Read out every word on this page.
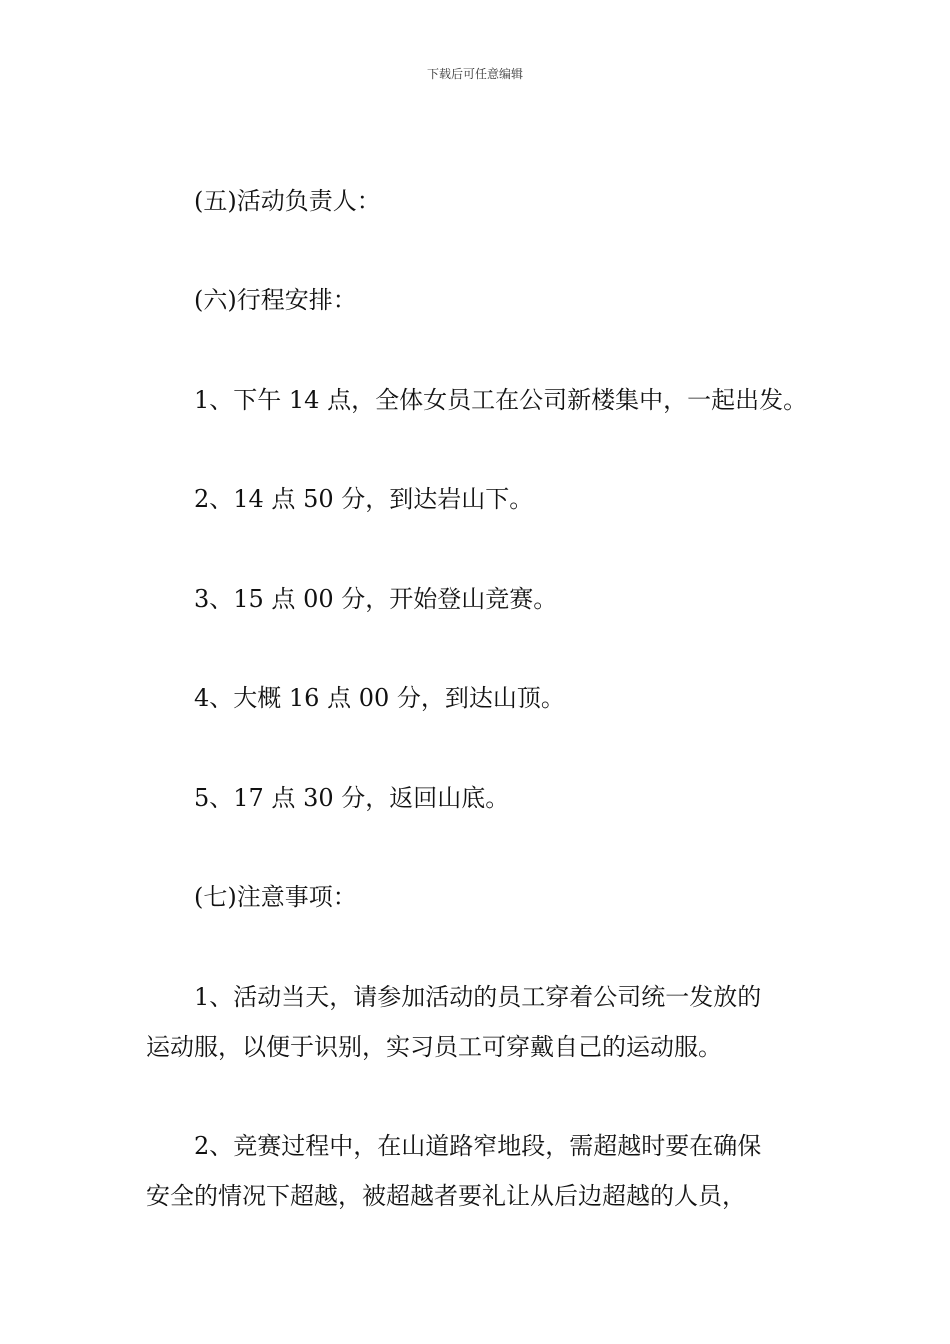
下载后可任意编辑
(五)活动负责人：
(六)行程安排：
1、下午 14 点，全体女员工在公司新楼集中，一起出发。
2、14 点 50 分，到达岩山下。
3、15 点 00 分，开始登山竞赛。
4、大概 16 点 00 分，到达山顶。
5、17 点 30 分，返回山底。
(七)注意事项：
1、活动当天，请参加活动的员工穿着公司统一发放的
运动服，以便于识别，实习员工可穿戴自己的运动服。
2、竞赛过程中，在山道路窄地段，需超越时要在确保
安全的情况下超越，被超越者要礼让从后边超越的人员，
